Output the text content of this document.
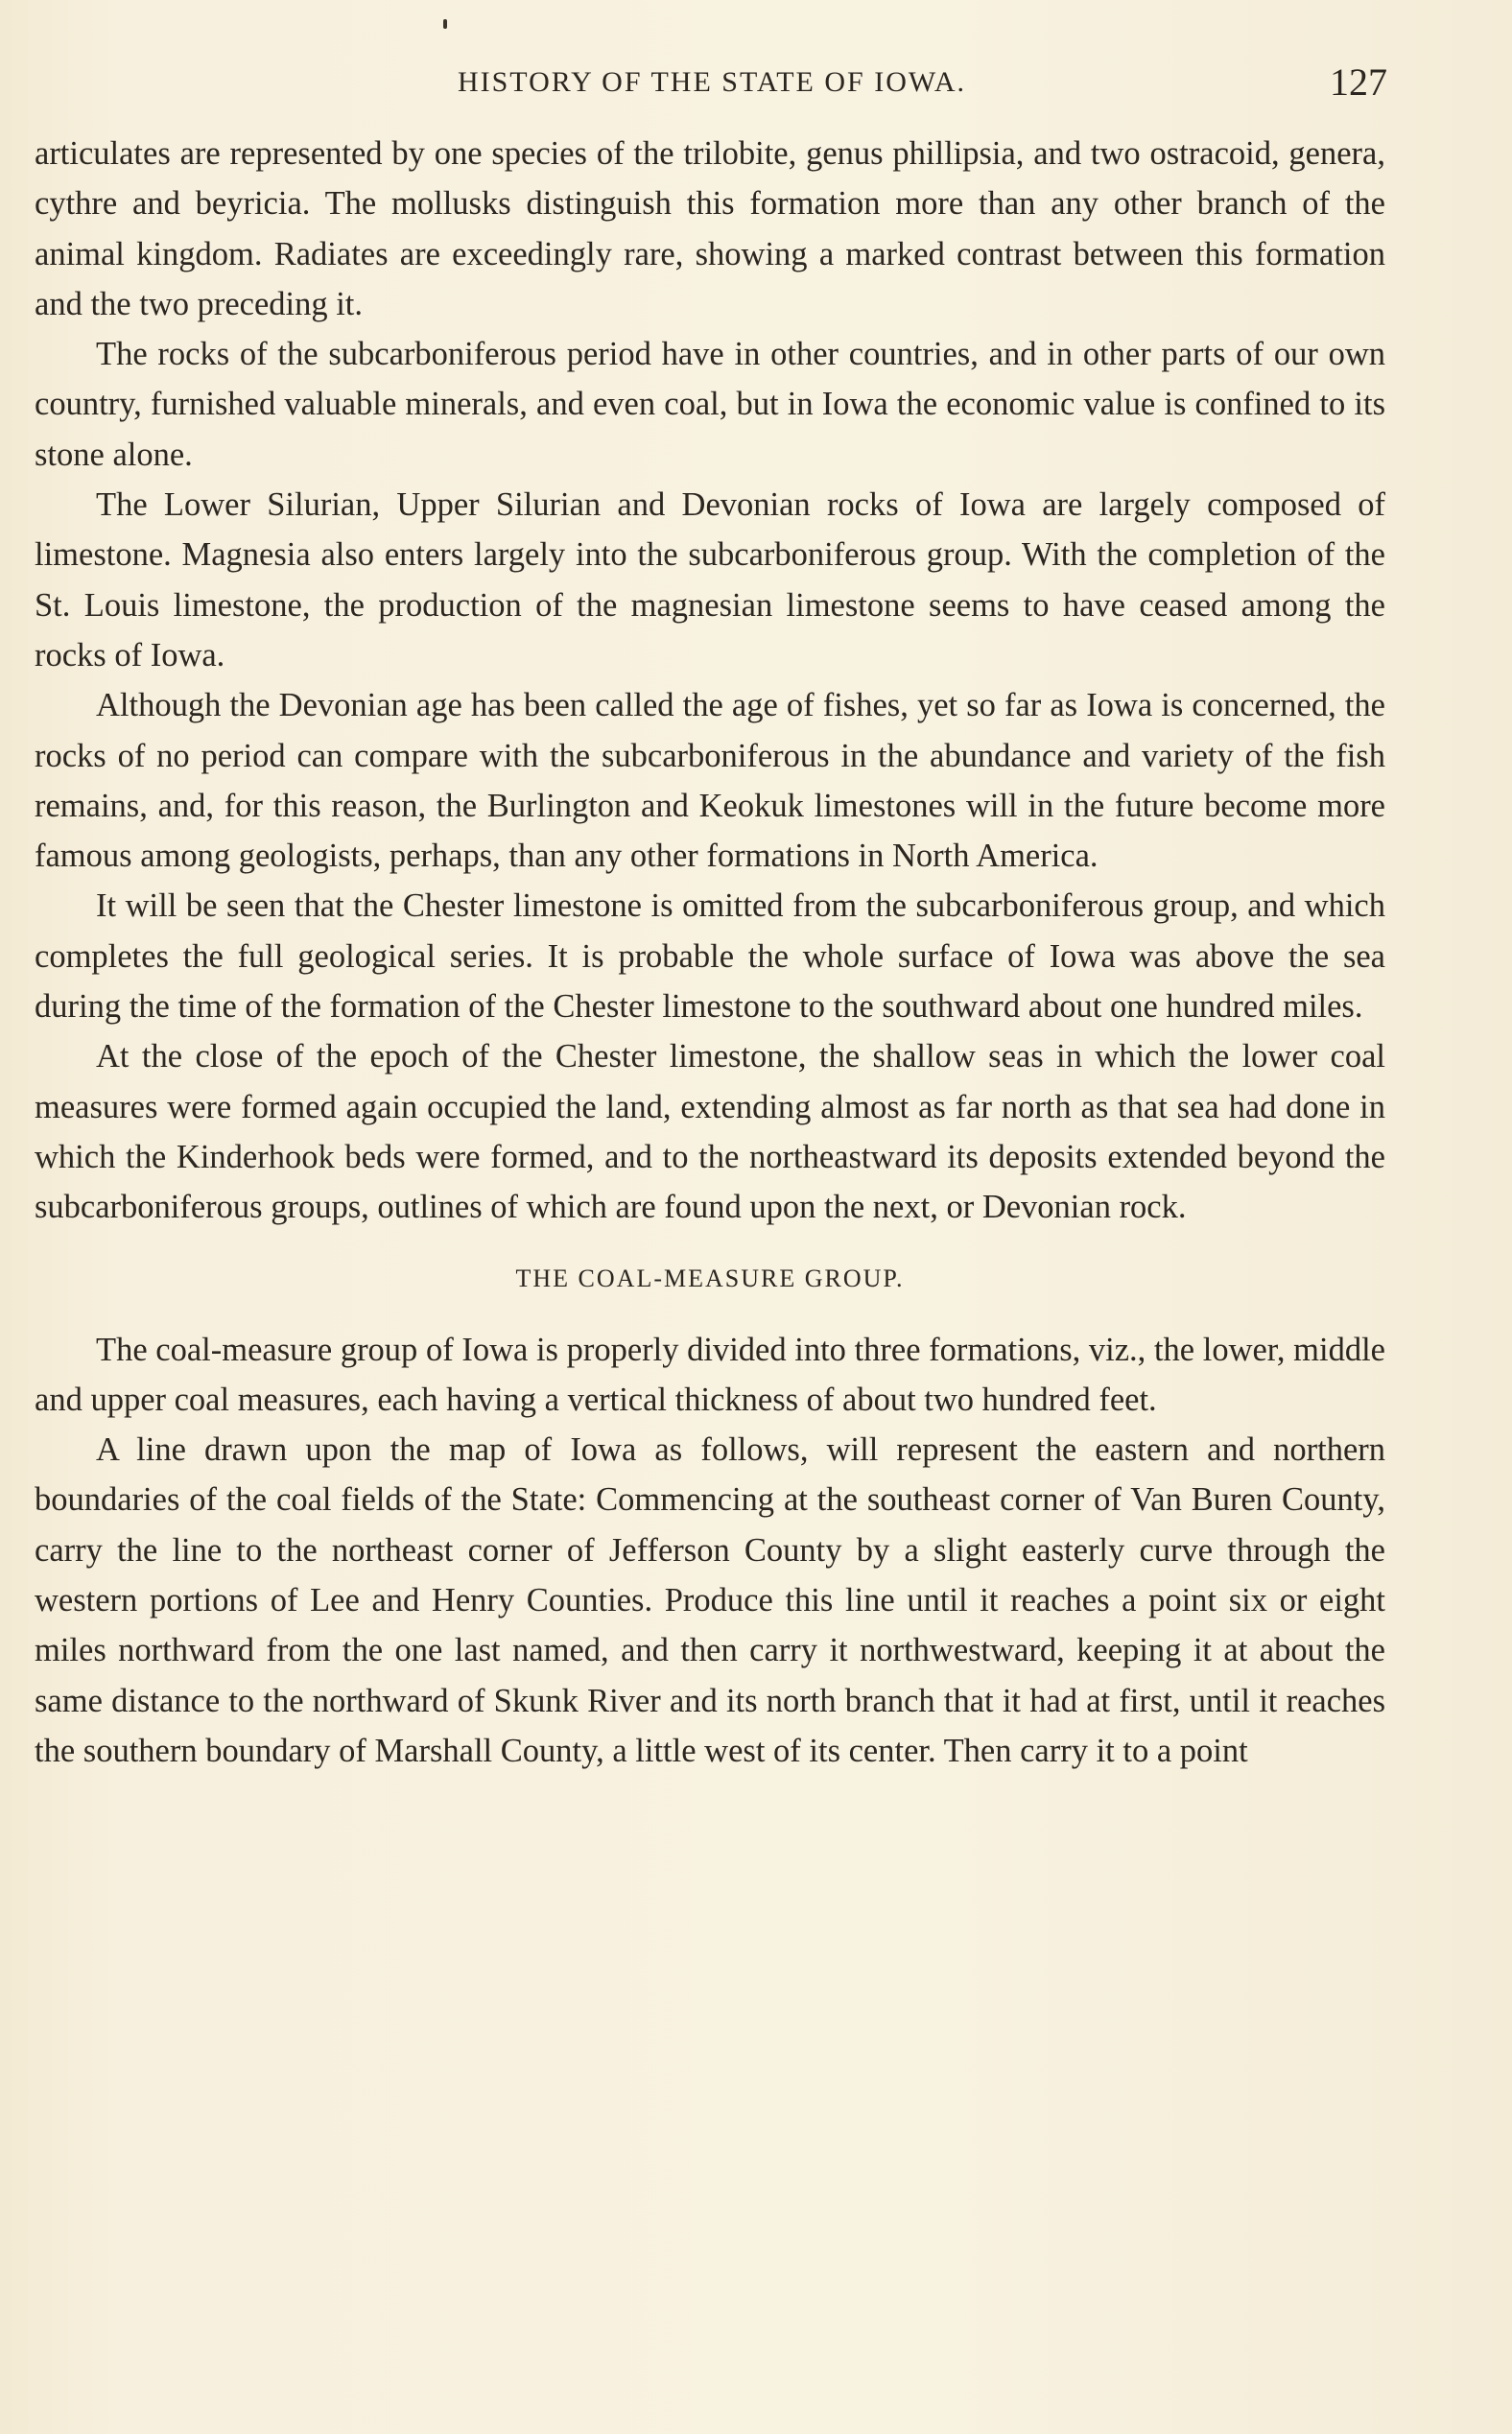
HISTORY OF THE STATE OF IOWA.	127

articulates are represented by one species of the trilobite, genus phillipsia, and two ostracoid, genera, cythre and beyricia. The mollusks distinguish this formation more than any other branch of the animal kingdom. Radiates are exceedingly rare, showing a marked contrast between this formation and the two preceding it.

The rocks of the subcarboniferous period have in other countries, and in other parts of our own country, furnished valuable minerals, and even coal, but in Iowa the economic value is confined to its stone alone.

The Lower Silurian, Upper Silurian and Devonian rocks of Iowa are largely composed of limestone. Magnesia also enters largely into the subcarboniferous group. With the completion of the St. Louis limestone, the production of the magnesian limestone seems to have ceased among the rocks of Iowa.

Although the Devonian age has been called the age of fishes, yet so far as Iowa is concerned, the rocks of no period can compare with the subcarboniferous in the abundance and variety of the fish remains, and, for this reason, the Burlington and Keokuk limestones will in the future become more famous among geologists, perhaps, than any other formations in North America.

It will be seen that the Chester limestone is omitted from the subcarboniferous group, and which completes the full geological series. It is probable the whole surface of Iowa was above the sea during the time of the formation of the Chester limestone to the southward about one hundred miles.

At the close of the epoch of the Chester limestone, the shallow seas in which the lower coal measures were formed again occupied the land, extending almost as far north as that sea had done in which the Kinderhook beds were formed, and to the northeastward its deposits extended beyond the subcarboniferous groups, outlines of which are found upon the next, or Devonian rock.

THE COAL-MEASURE GROUP.

The coal-measure group of Iowa is properly divided into three formations, viz., the lower, middle and upper coal measures, each having a vertical thickness of about two hundred feet.

A line drawn upon the map of Iowa as follows, will represent the eastern and northern boundaries of the coal fields of the State: Commencing at the southeast corner of Van Buren County, carry the line to the northeast corner of Jefferson County by a slight easterly curve through the western portions of Lee and Henry Counties. Produce this line until it reaches a point six or eight miles northward from the one last named, and then carry it northwestward, keeping it at about the same distance to the northward of Skunk River and its north branch that it had at first, until it reaches the southern boundary of Marshall County, a little west of its center. Then carry it to a point
